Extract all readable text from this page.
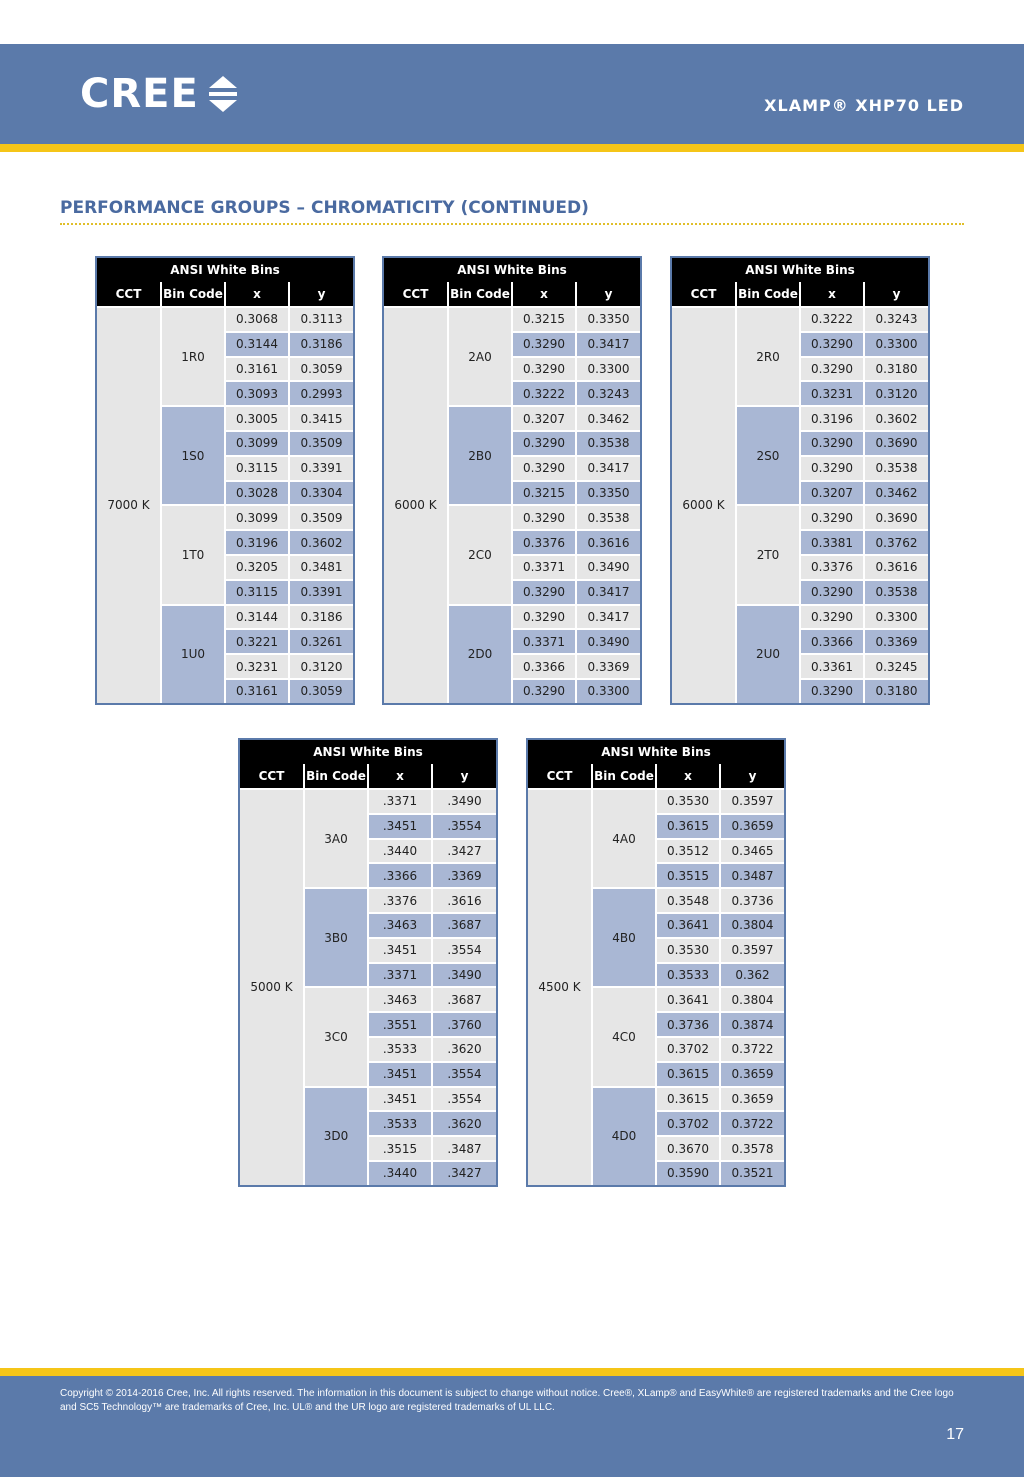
CREE	XLAMP® XHP70 LED
PERFORMANCE GROUPS – CHROMATICITY (CONTINUED)
ANSI White Bins			
CCT	Bin Code	x	y
7000 K	1R0	0.3068	0.3113
		0.3144	0.3186
		0.3161	0.3059
		0.3093	0.2993
	1S0	0.3005	0.3415
		0.3099	0.3509
		0.3115	0.3391
		0.3028	0.3304
	1T0	0.3099	0.3509
		0.3196	0.3602
		0.3205	0.3481
		0.3115	0.3391
	1U0	0.3144	0.3186
		0.3221	0.3261
		0.3231	0.3120
		0.3161	0.3059
ANSI White Bins			
CCT	Bin Code	x	y
6000 K	2A0	0.3215	0.3350
		0.3290	0.3417
		0.3290	0.3300
		0.3222	0.3243
	2B0	0.3207	0.3462
		0.3290	0.3538
		0.3290	0.3417
		0.3215	0.3350
	2C0	0.3290	0.3538
		0.3376	0.3616
		0.3371	0.3490
		0.3290	0.3417
	2D0	0.3290	0.3417
		0.3371	0.3490
		0.3366	0.3369
		0.3290	0.3300
ANSI White Bins			
CCT	Bin Code	x	y
6000 K	2R0	0.3222	0.3243
		0.3290	0.3300
		0.3290	0.3180
		0.3231	0.3120
	2S0	0.3196	0.3602
		0.3290	0.3690
		0.3290	0.3538
		0.3207	0.3462
	2T0	0.3290	0.3690
		0.3381	0.3762
		0.3376	0.3616
		0.3290	0.3538
	2U0	0.3290	0.3300
		0.3366	0.3369
		0.3361	0.3245
		0.3290	0.3180
ANSI White Bins			
CCT	Bin Code	x	y
5000 K	3A0	.3371	.3490
		.3451	.3554
		.3440	.3427
		.3366	.3369
	3B0	.3376	.3616
		.3463	.3687
		.3451	.3554
		.3371	.3490
	3C0	.3463	.3687
		.3551	.3760
		.3533	.3620
		.3451	.3554
	3D0	.3451	.3554
		.3533	.3620
		.3515	.3487
		.3440	.3427
ANSI White Bins			
CCT	Bin Code	x	y
4500 K	4A0	0.3530	0.3597
		0.3615	0.3659
		0.3512	0.3465
		0.3515	0.3487
	4B0	0.3548	0.3736
		0.3641	0.3804
		0.3530	0.3597
		0.3533	0.362
	4C0	0.3641	0.3804
		0.3736	0.3874
		0.3702	0.3722
		0.3615	0.3659
	4D0	0.3615	0.3659
		0.3702	0.3722
		0.3670	0.3578
		0.3590	0.3521
Copyright © 2014-2016 Cree, Inc. All rights reserved. The information in this document is subject to change without notice. Cree®, XLamp® and EasyWhite® are registered trademarks and the Cree logo and SC5 Technology™ are trademarks of Cree, Inc. UL® and the UR logo are registered trademarks of UL LLC.
17
